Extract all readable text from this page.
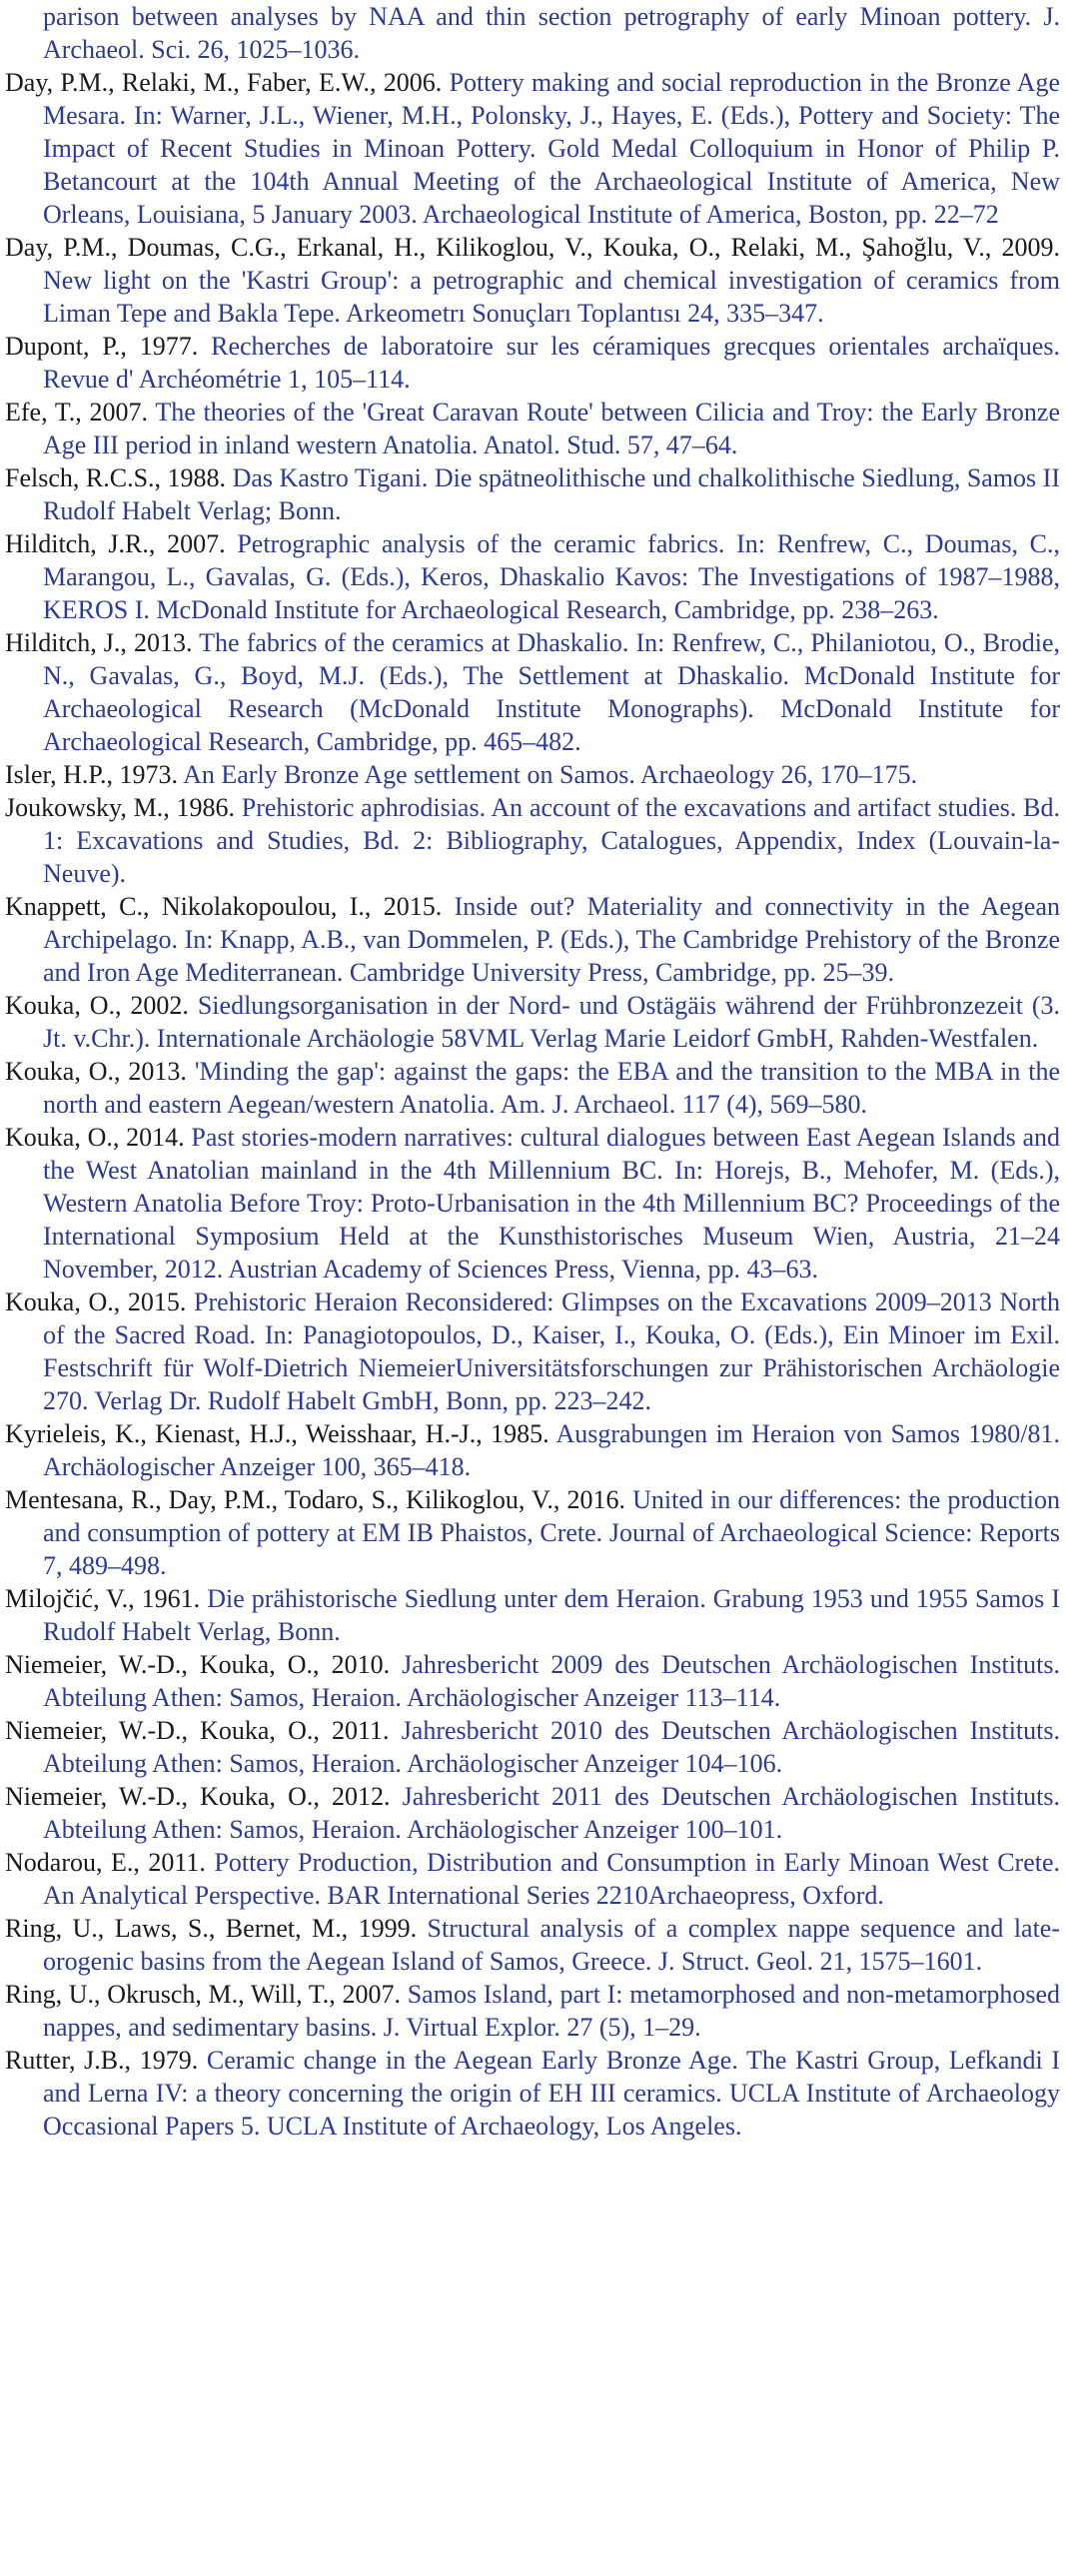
parison between analyses by NAA and thin section petrography of early Minoan pottery. J. Archaeol. Sci. 26, 1025–1036.

Day, P.M., Relaki, M., Faber, E.W., 2006. Pottery making and social reproduction in the Bronze Age Mesara. In: Warner, J.L., Wiener, M.H., Polonsky, J., Hayes, E. (Eds.), Pottery and Society: The Impact of Recent Studies in Minoan Pottery. Gold Medal Colloquium in Honor of Philip P. Betancourt at the 104th Annual Meeting of the Archaeological Institute of America, New Orleans, Louisiana, 5 January 2003. Archaeological Institute of America, Boston, pp. 22–72

Day, P.M., Doumas, C.G., Erkanal, H., Kilikoglou, V., Kouka, O., Relaki, M., Şahoğlu, V., 2009. New light on the 'Kastri Group': a petrographic and chemical investigation of ceramics from Liman Tepe and Bakla Tepe. Arkeometrı Sonuçları Toplantısı 24, 335–347.

Dupont, P., 1977. Recherches de laboratoire sur les céramiques grecques orientales archaïques. Revue d' Archéométrie 1, 105–114.

Efe, T., 2007. The theories of the 'Great Caravan Route' between Cilicia and Troy: the Early Bronze Age III period in inland western Anatolia. Anatol. Stud. 57, 47–64.

Felsch, R.C.S., 1988. Das Kastro Tigani. Die spätneolithische und chalkolithische Siedlung, Samos II Rudolf Habelt Verlag; Bonn.

Hilditch, J.R., 2007. Petrographic analysis of the ceramic fabrics. In: Renfrew, C., Doumas, C., Marangou, L., Gavalas, G. (Eds.), Keros, Dhaskalio Kavos: The Investigations of 1987–1988, KEROS I. McDonald Institute for Archaeological Research, Cambridge, pp. 238–263.

Hilditch, J., 2013. The fabrics of the ceramics at Dhaskalio. In: Renfrew, C., Philaniotou, O., Brodie, N., Gavalas, G., Boyd, M.J. (Eds.), The Settlement at Dhaskalio. McDonald Institute for Archaeological Research (McDonald Institute Monographs). McDonald Institute for Archaeological Research, Cambridge, pp. 465–482.

Isler, H.P., 1973. An Early Bronze Age settlement on Samos. Archaeology 26, 170–175.

Joukowsky, M., 1986. Prehistoric aphrodisias. An account of the excavations and artifact studies. Bd. 1: Excavations and Studies, Bd. 2: Bibliography, Catalogues, Appendix, Index (Louvain-la-Neuve).

Knappett, C., Nikolakopoulou, I., 2015. Inside out? Materiality and connectivity in the Aegean Archipelago. In: Knapp, A.B., van Dommelen, P. (Eds.), The Cambridge Prehistory of the Bronze and Iron Age Mediterranean. Cambridge University Press, Cambridge, pp. 25–39.

Kouka, O., 2002. Siedlungsorganisation in der Nord- und Ostägäis während der Frühbronzezeit (3. Jt. v.Chr.). Internationale Archäologie 58VML Verlag Marie Leidorf GmbH, Rahden-Westfalen.

Kouka, O., 2013. 'Minding the gap': against the gaps: the EBA and the transition to the MBA in the north and eastern Aegean/western Anatolia. Am. J. Archaeol. 117 (4), 569–580.

Kouka, O., 2014. Past stories-modern narratives: cultural dialogues between East Aegean Islands and the West Anatolian mainland in the 4th Millennium BC. In: Horejs, B., Mehofer, M. (Eds.), Western Anatolia Before Troy: Proto-Urbanisation in the 4th Millennium BC? Proceedings of the International Symposium Held at the Kunsthistorisches Museum Wien, Austria, 21–24 November, 2012. Austrian Academy of Sciences Press, Vienna, pp. 43–63.

Kouka, O., 2015. Prehistoric Heraion Reconsidered: Glimpses on the Excavations 2009–2013 North of the Sacred Road. In: Panagiotopoulos, D., Kaiser, I., Kouka, O. (Eds.), Ein Minoer im Exil. Festschrift für Wolf-Dietrich NiemeierUniversitätsforschungen zur Prähistorischen Archäologie 270. Verlag Dr. Rudolf Habelt GmbH, Bonn, pp. 223–242.

Kyrieleis, K., Kienast, H.J., Weisshaar, H.-J., 1985. Ausgrabungen im Heraion von Samos 1980/81. Archäologischer Anzeiger 100, 365–418.

Mentesana, R., Day, P.M., Todaro, S., Kilikoglou, V., 2016. United in our differences: the production and consumption of pottery at EM IB Phaistos, Crete. Journal of Archaeological Science: Reports 7, 489–498.

Milojčić, V., 1961. Die prähistorische Siedlung unter dem Heraion. Grabung 1953 und 1955 Samos I Rudolf Habelt Verlag, Bonn.

Niemeier, W.-D., Kouka, O., 2010. Jahresbericht 2009 des Deutschen Archäologischen Instituts. Abteilung Athen: Samos, Heraion. Archäologischer Anzeiger 113–114.

Niemeier, W.-D., Kouka, O., 2011. Jahresbericht 2010 des Deutschen Archäologischen Instituts. Abteilung Athen: Samos, Heraion. Archäologischer Anzeiger 104–106.

Niemeier, W.-D., Kouka, O., 2012. Jahresbericht 2011 des Deutschen Archäologischen Instituts. Abteilung Athen: Samos, Heraion. Archäologischer Anzeiger 100–101.

Nodarou, E., 2011. Pottery Production, Distribution and Consumption in Early Minoan West Crete. An Analytical Perspective. BAR International Series 2210Archaeopress, Oxford.

Ring, U., Laws, S., Bernet, M., 1999. Structural analysis of a complex nappe sequence and late-orogenic basins from the Aegean Island of Samos, Greece. J. Struct. Geol. 21, 1575–1601.

Ring, U., Okrusch, M., Will, T., 2007. Samos Island, part I: metamorphosed and non-metamorphosed nappes, and sedimentary basins. J. Virtual Explor. 27 (5), 1–29.

Rutter, J.B., 1979. Ceramic change in the Aegean Early Bronze Age. The Kastri Group, Lefkandi I and Lerna IV: a theory concerning the origin of EH III ceramics. UCLA Institute of Archaeology Occasional Papers 5. UCLA Institute of Archaeology, Los Angeles.
